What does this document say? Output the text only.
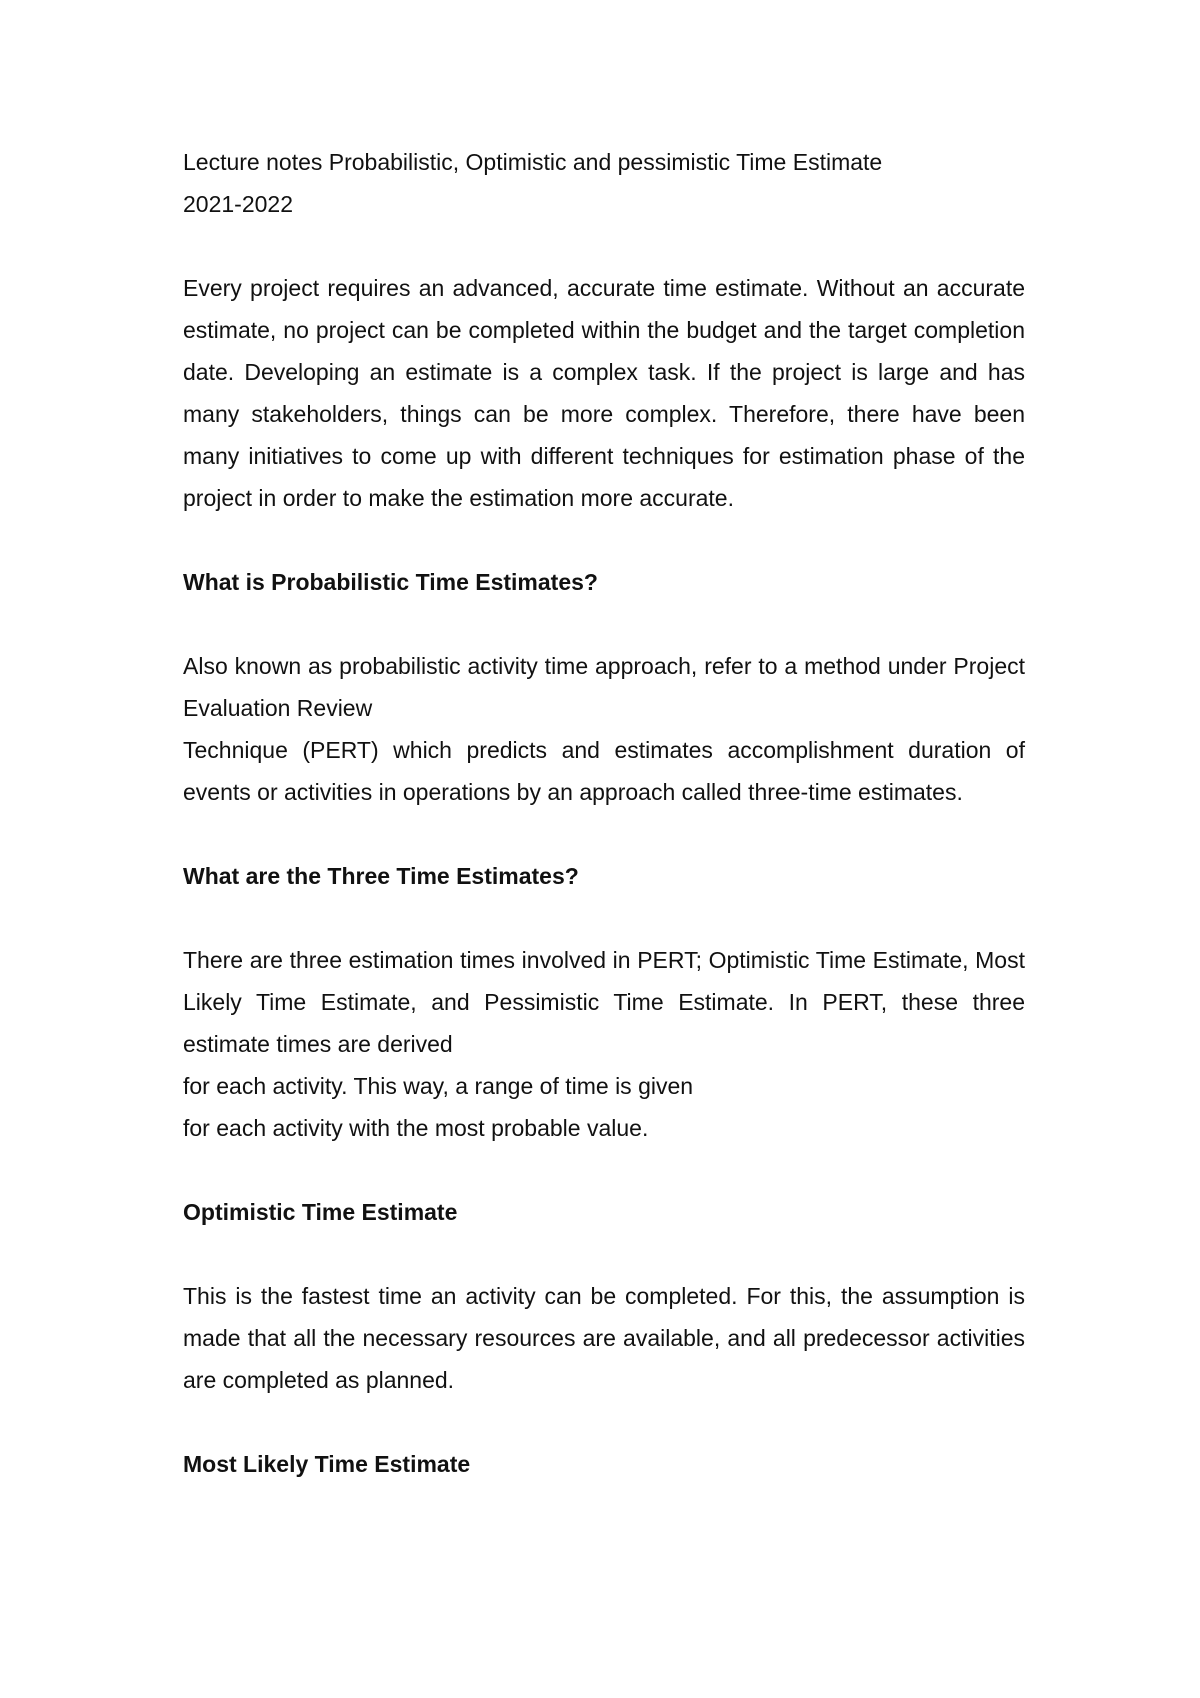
Lecture notes Probabilistic, Optimistic and pessimistic Time Estimate
2021-2022
Every project requires an advanced, accurate time estimate. Without an accurate estimate, no project can be completed within the budget and the target completion date. Developing an estimate is a complex task. If the project is large and has many stakeholders, things can be more complex. Therefore, there have been many initiatives to come up with different techniques for estimation phase of the project in order to make the estimation more accurate.
What is Probabilistic Time Estimates?
Also known as probabilistic activity time approach, refer to a method under Project Evaluation Review
Technique (PERT) which predicts and estimates accomplishment duration of events or activities in operations by an approach called three-time estimates.
What are the Three Time Estimates?
There are three estimation times involved in PERT; Optimistic Time Estimate, Most Likely Time Estimate, and Pessimistic Time Estimate. In PERT, these three estimate times are derived
for each activity. This way, a range of time is given
for each activity with the most probable value.
Optimistic Time Estimate
This is the fastest time an activity can be completed. For this, the assumption is made that all the necessary resources are available, and all predecessor activities are completed as planned.
Most Likely Time Estimate
